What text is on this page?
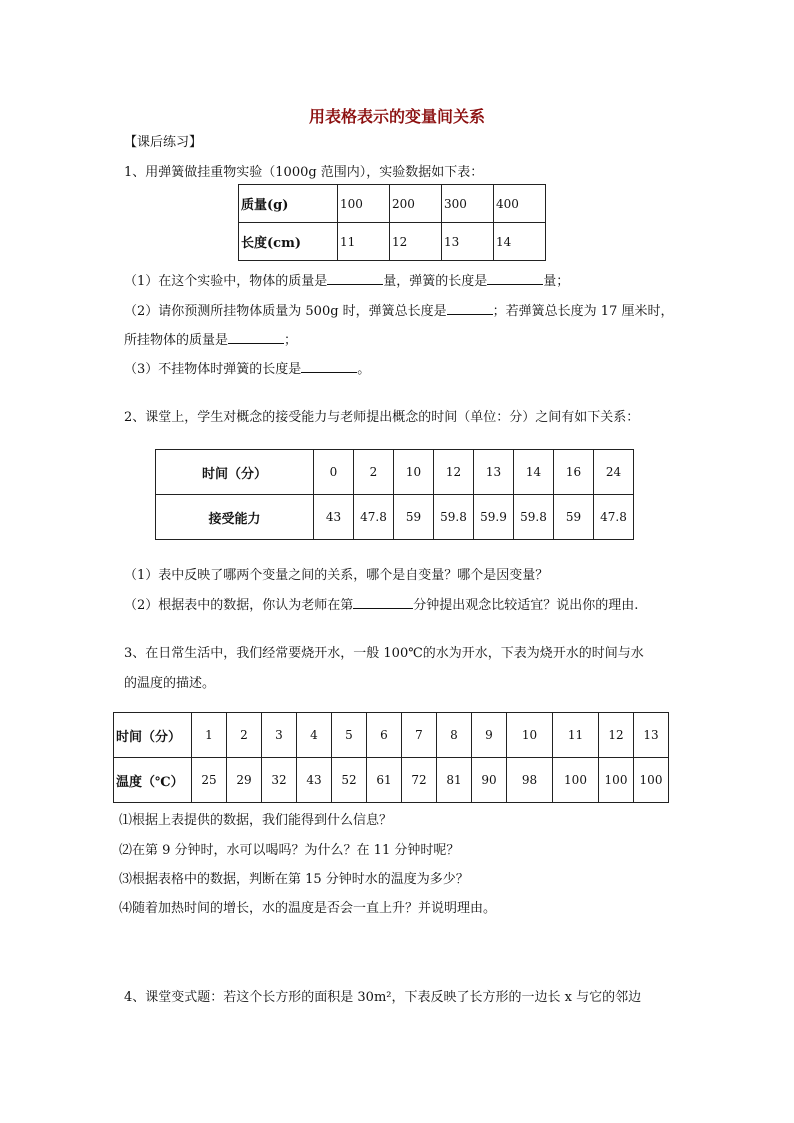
用表格表示的变量间关系
【课后练习】
1、用弹簧做挂重物实验（1000g 范围内），实验数据如下表：
质量(g)	100	200	300	400
长度(cm)	11	12	13	14
（1）在这个实验中，物体的质量是	量，弹簧的长度是	量；
（2）请你预测所挂物体质量为 500g 时，弹簧总长度是	；若弹簧总长度为 17 厘米时，
所挂物体的质量是	；
（3）不挂物体时弹簧的长度是	。
2、课堂上，学生对概念的接受能力与老师提出概念的时间（单位：分）之间有如下关系：
时间（分）	0	2	10	12	13	14	16	24
接受能力	43	47.8	59	59.8	59.9	59.8	59	47.8
（1）表中反映了哪两个变量之间的关系，哪个是自变量？哪个是因变量？
（2）根据表中的数据，你认为老师在第	分钟提出观念比较适宜？说出你的理由.
3、在日常生活中，我们经常要烧开水，一般 100℃的水为开水，下表为烧开水的时间与水
的温度的描述。
时间（分）	1	2	3	4	5	6	7	8	9	10	11	12	13
温度（℃）	25	29	32	43	52	61	72	81	90	98	100	100	100
⑴根据上表提供的数据，我们能得到什么信息？
⑵在第 9 分钟时，水可以喝吗？为什么？在 11 分钟时呢？
⑶根据表格中的数据，判断在第 15 分钟时水的温度为多少？
⑷随着加热时间的增长，水的温度是否会一直上升？并说明理由。
4、课堂变式题：若这个长方形的面积是 30m²，下表反映了长方形的一边长 x 与它的邻边
